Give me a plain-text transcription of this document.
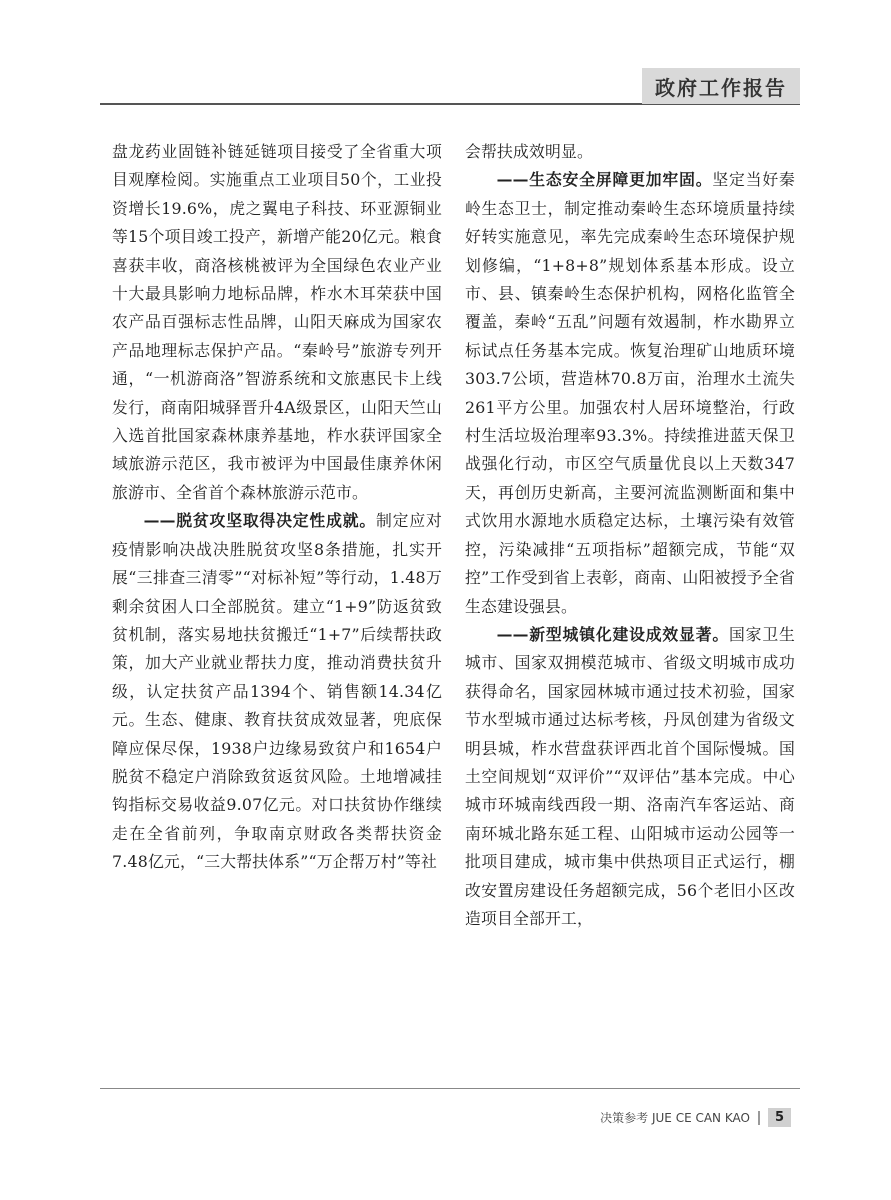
政府工作报告

盘龙药业固链补链延链项目接受了全省重大项目观摩检阅。实施重点工业项目50个，工业投资增长19.6%，虎之翼电子科技、环亚源铜业等15个项目竣工投产，新增产能20亿元。粮食喜获丰收，商洛核桃被评为全国绿色农业产业十大最具影响力地标品牌，柞水木耳荣获中国农产品百强标志性品牌，山阳天麻成为国家农产品地理标志保护产品。“秦岭号”旅游专列开通，“一机游商洛”智游系统和文旅惠民卡上线发行，商南阳城驿晋升4A级景区，山阳天竺山入选首批国家森林康养基地，柞水获评国家全域旅游示范区，我市被评为中国最佳康养休闲旅游市、全省首个森林旅游示范市。

——脱贫攻坚取得决定性成就。制定应对疫情影响决战决胜脱贫攻坚8条措施，扎实开展“三排查三清零”“对标补短”等行动，1.48万剩余贫困人口全部脱贫。建立“1+9”防返贫致贫机制，落实易地扶贫搬迁“1+7”后续帮扶政策，加大产业就业帮扶力度，推动消费扶贫升级，认定扶贫产品1394个、销售额14.34亿元。生态、健康、教育扶贫成效显著，兜底保障应保尽保，1938户边缘易致贫户和1654户脱贫不稳定户消除致贫返贫风险。土地增减挂钩指标交易收益9.07亿元。对口扶贫协作继续走在全省前列，争取南京财政各类帮扶资金7.48亿元，“三大帮扶体系”“万企帮万村”等社

会帮扶成效明显。

——生态安全屏障更加牢固。坚定当好秦岭生态卫士，制定推动秦岭生态环境质量持续好转实施意见，率先完成秦岭生态环境保护规划修编，“1+8+8”规划体系基本形成。设立市、县、镇秦岭生态保护机构，网格化监管全覆盖，秦岭“五乱”问题有效遏制，柞水勘界立标试点任务基本完成。恢复治理矿山地质环境303.7公顷，营造林70.8万亩，治理水土流失261平方公里。加强农村人居环境整治，行政村生活垃圾治理率93.3%。持续推进蓝天保卫战强化行动，市区空气质量优良以上天数347天，再创历史新高，主要河流监测断面和集中式饮用水源地水质稳定达标，土壤污染有效管控，污染减排“五项指标”超额完成，节能“双控”工作受到省上表彰，商南、山阳被授予全省生态建设强县。

——新型城镇化建设成效显著。国家卫生城市、国家双拥模范城市、省级文明城市成功获得命名，国家园林城市通过技术初验，国家节水型城市通过达标考核，丹凤创建为省级文明县城，柞水营盘获评西北首个国际慢城。国土空间规划“双评价”“双评估”基本完成。中心城市环城南线西段一期、洛南汽车客运站、商南环城北路东延工程、山阳城市运动公园等一批项目建成，城市集中供热项目正式运行，棚改安置房建设任务超额完成，56个老旧小区改造项目全部开工，

决策参考 JUE CE CAN KAO	5
